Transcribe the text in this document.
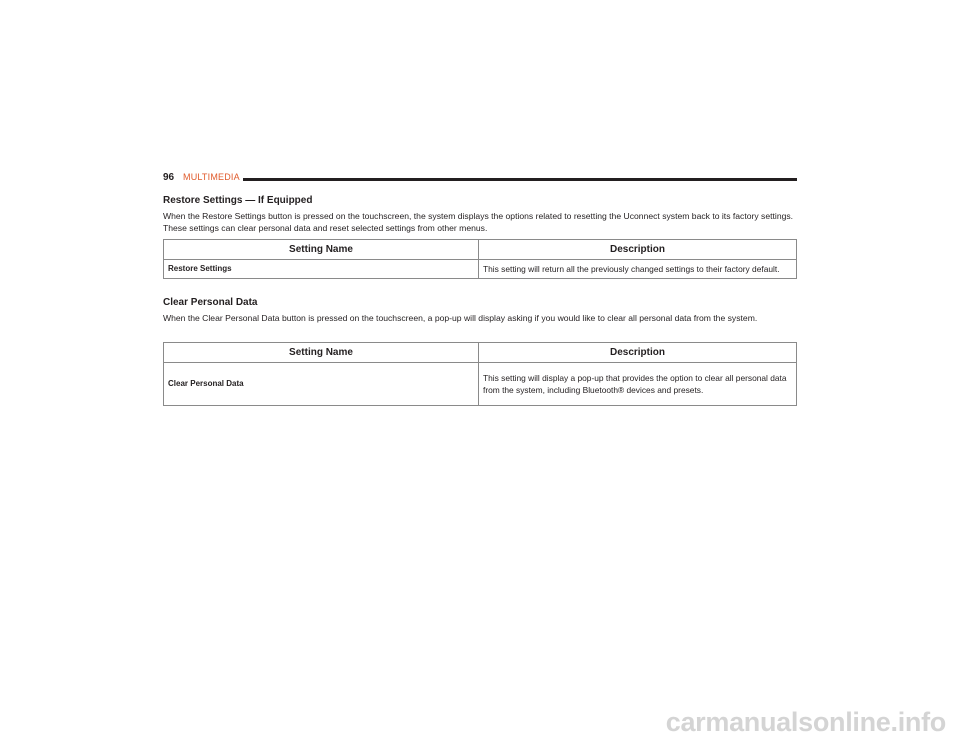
96 MULTIMEDIA

Restore Settings — If Equipped

When the Restore Settings button is pressed on the touchscreen, the system displays the options related to resetting the Uconnect system back to its factory settings. These settings can clear personal data and reset selected settings from other menus.

Setting Name	Description
Restore Settings	This setting will return all the previously changed settings to their factory default.

Clear Personal Data

When the Clear Personal Data button is pressed on the touchscreen, a pop-up will display asking if you would like to clear all personal data from the system.

Setting Name	Description
Clear Personal Data	This setting will display a pop-up that provides the option to clear all personal data from the system, including Bluetooth® devices and presets.
carmanualsonline.info
